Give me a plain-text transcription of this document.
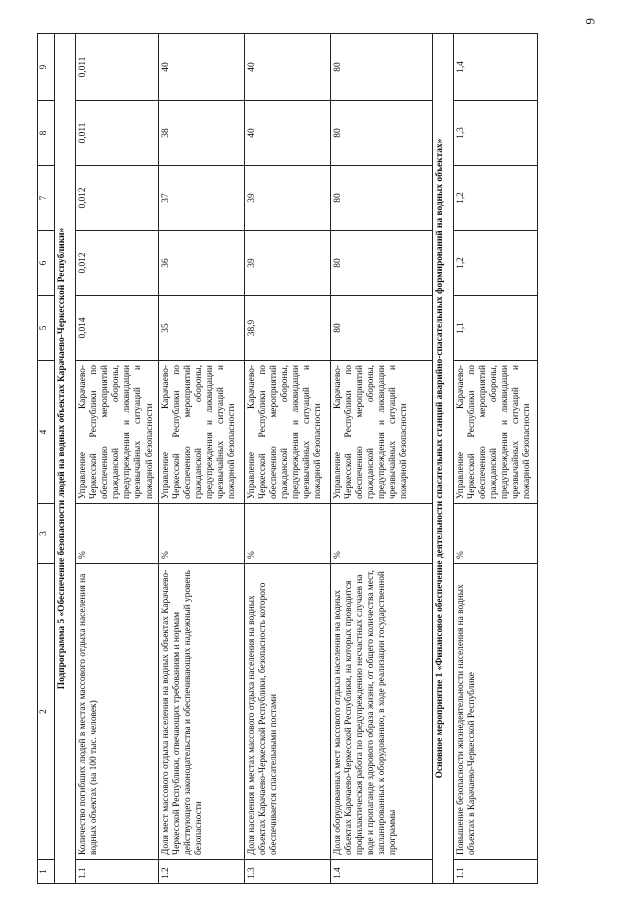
6
1	2	3	4	5	6	7	8	9
Подпрограмма 5 «Обеспечение безопасности людей на водных объектах Карачаево-Черкесской Республики»								
1.1	Количество погибших людей в местах массового отдыха населения на водных объектах (на 100 тыс. человек)	%	Управление Карачаево-Черкесской Республики по обеспечению мероприятий гражданской обороны, предупреждения и ликвидации чрезвычайных ситуаций и пожарной безопасности	0,014	0,012	0,012	0,011	0,011
1.2	Доля мест массового отдыха населения на водных объектах Карачаево-Черкесской Республики, отвечающих требованиям и нормам действующего законодательства и обеспечивающих надежный уровень безопасности	%	Управление Карачаево-Черкесской Республики по обеспечению мероприятий гражданской обороны, предупреждения и ликвидации чрезвычайных ситуаций и пожарной безопасности	35	36	37	38	40
1.3	Доля населения в местах массового отдыха населения на водных объектах Карачаево-Черкесской Республики, безопасность которого обеспечивается спасательными постами	%	Управление Карачаево-Черкесской Республики по обеспечению мероприятий гражданской обороны, предупреждения и ликвидации чрезвычайных ситуаций и пожарной безопасности	38,9	39	39	40	40
1.4	Доля оборудованных мест массового отдыха населения на водных объектах Карачаево-Черкесской Республики, на которых проводится профилактическая работа по предупреждению несчастных случаев на воде и пропаганде здорового образа жизни, от общего количества мест, запланированных к оборудованию, в ходе реализации государственной программы	%	Управление Карачаево-Черкесской Республики по обеспечению мероприятий гражданской обороны, предупреждения и ликвидации чрезвычайных ситуаций и пожарной безопасности	80	80	80	80	80
Основное мероприятие 1 «Финансовое обеспечение деятельности спасательных станций аварийно-спасательных формирований на водных объектах»								
1.1	Повышение безопасности жизнедеятельности населения на водных объектах в Карачаево-Черкесской Республике	%	Управление Карачаево-Черкесской Республики по обеспечению мероприятий гражданской обороны, предупреждения и ликвидации чрезвычайных ситуаций и пожарной безопасности	1,1	1,2	1,2	1,3	1,4
